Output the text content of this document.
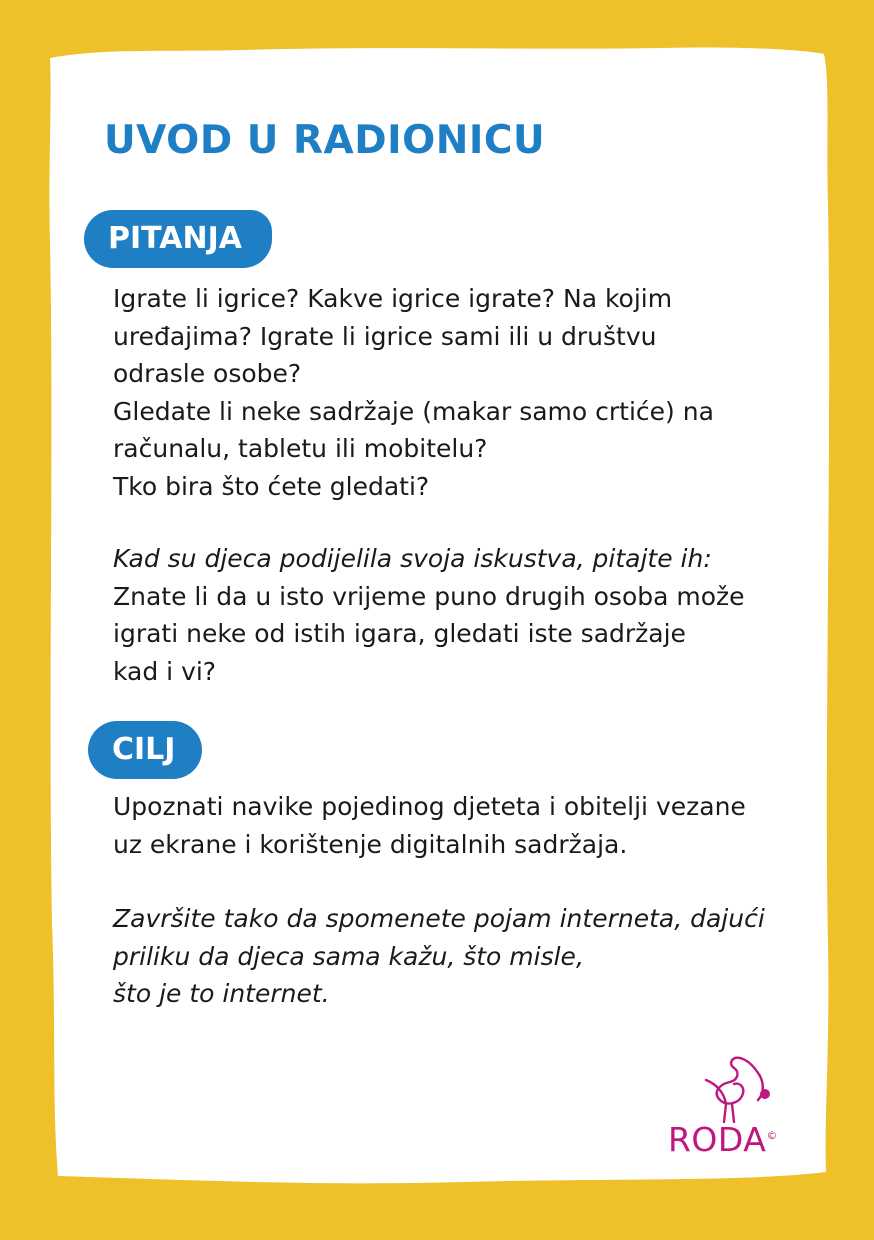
UVOD U RADIONICU
PITANJA

Igrate li igrice? Kakve igrice igrate? Na kojim
uređajima? Igrate li igrice sami ili u društvu
odrasle osobe?
Gledate li neke sadržaje (makar samo crtiće) na
računalu, tabletu ili mobitelu?
Tko bira što ćete gledati?

Kad su djeca podijelila svoja iskustva, pitajte ih:
Znate li da u isto vrijeme puno drugih osoba može
igrati neke od istih igara, gledati iste sadržaje
kad i vi?

CILJ

Upoznati navike pojedinog djeteta i obitelji vezane
uz ekrane i korištenje digitalnih sadržaja.

Završite tako da spomenete pojam interneta, dajući
priliku da djeca sama kažu, što misle,
što je to internet.

RODA©
